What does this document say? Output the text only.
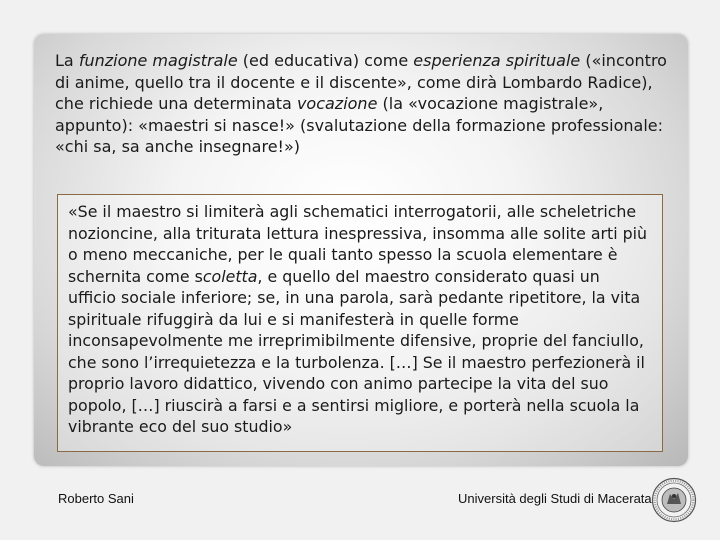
La funzione magistrale (ed educativa) come esperienza spirituale («incontro di anime, quello tra il docente e il discente», come dirà Lombardo Radice), che richiede una determinata vocazione (la «vocazione magistrale», appunto): «maestri si nasce!» (svalutazione della formazione professionale: «chi sa, sa anche insegnare!»)

«Se il maestro si limiterà agli schematici interrogatorii, alle scheletriche nozioncine, alla triturata lettura inespressiva, insomma alle solite arti più o meno meccaniche, per le quali tanto spesso la scuola elementare è schernita come scoletta, e quello del maestro considerato quasi un ufficio sociale inferiore; se, in una parola, sarà pedante ripetitore, la vita spirituale rifuggirà da lui e si manifesterà in quelle forme inconsapevolmente me irreprimibilmente difensive, proprie del fanciullo, che sono l’irrequietezza e la turbolenza. […] Se il maestro perfezionerà il proprio lavoro didattico, vivendo con animo partecipe la vita del suo popolo, […] riuscirà a farsi e a sentirsi migliore, e porterà nella scuola la vibrante eco del suo studio»

Roberto Sani	Università degli Studi di Macerata
